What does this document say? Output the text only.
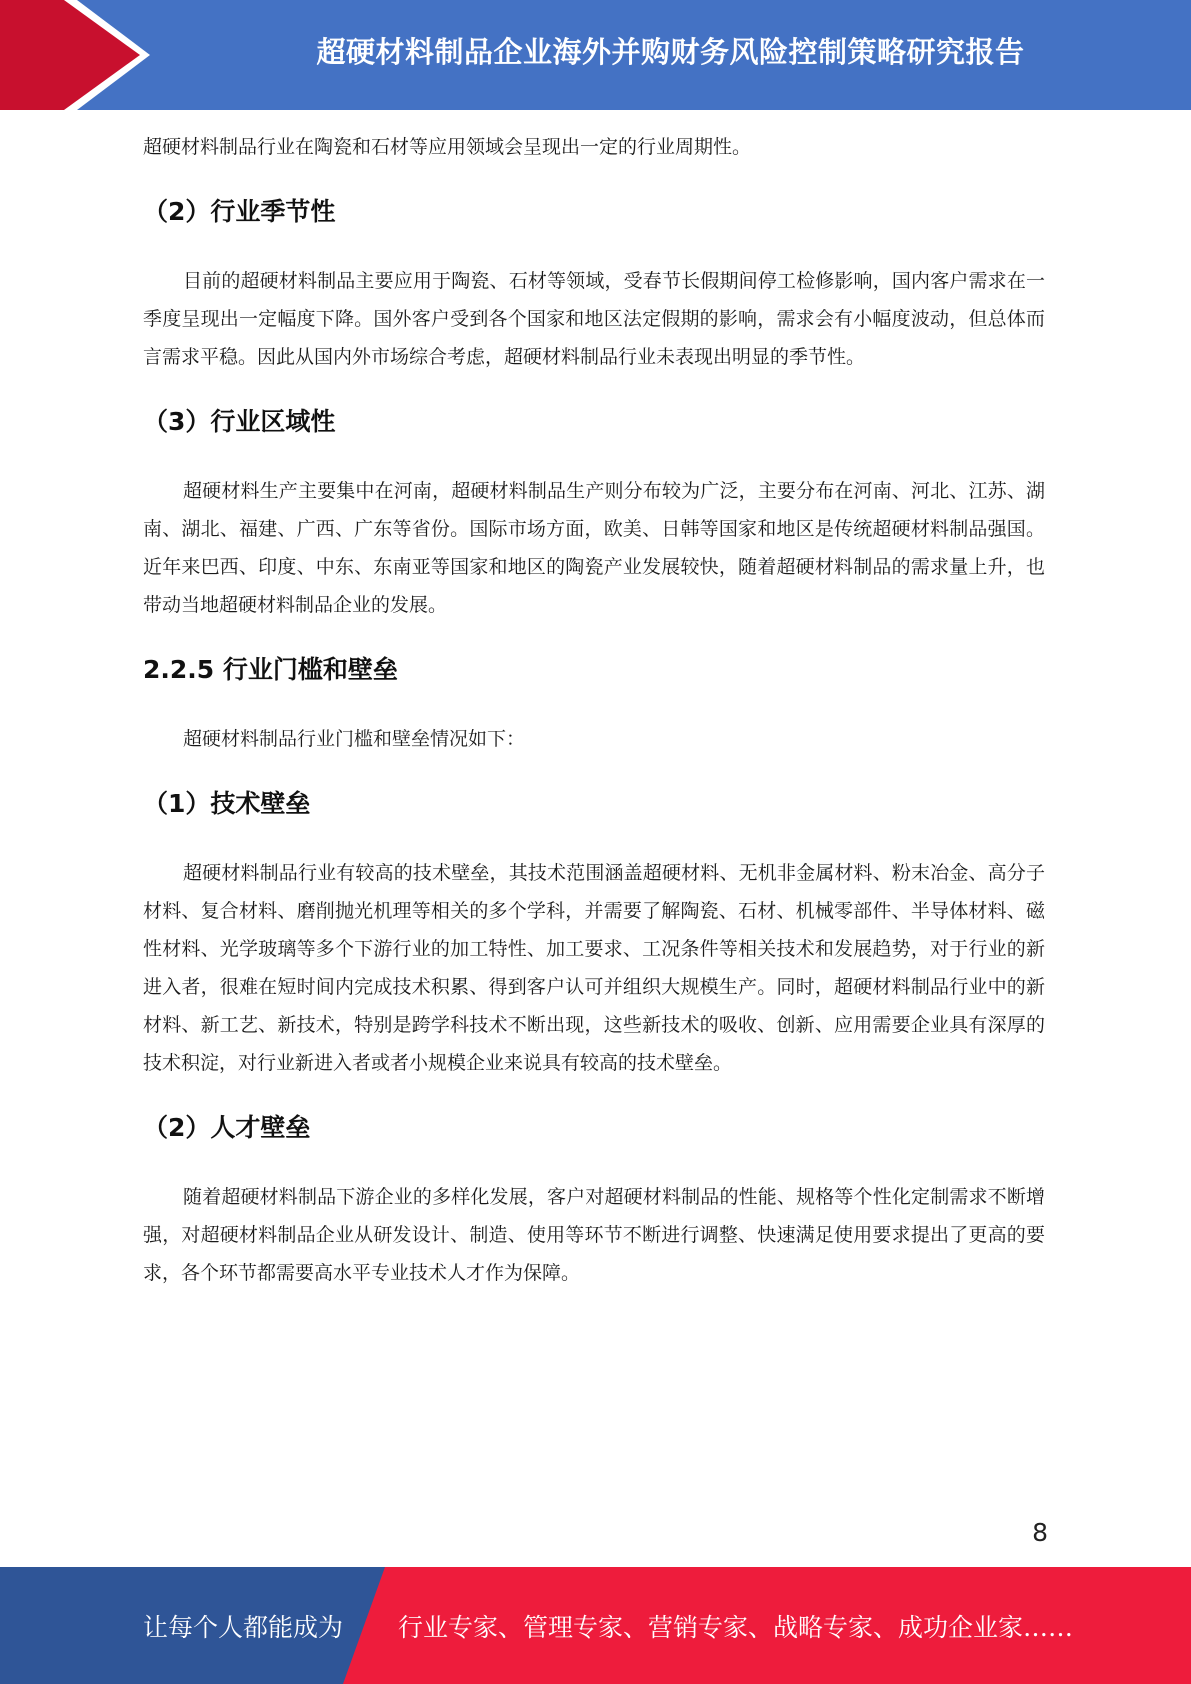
超硬材料制品企业海外并购财务风险控制策略研究报告

超硬材料制品行业在陶瓷和石材等应用领域会呈现出一定的行业周期性。

（2）行业季节性

目前的超硬材料制品主要应用于陶瓷、石材等领域，受春节长假期间停工检修影响，国内客户需求在一季度呈现出一定幅度下降。国外客户受到各个国家和地区法定假期的影响，需求会有小幅度波动，但总体而言需求平稳。因此从国内外市场综合考虑，超硬材料制品行业未表现出明显的季节性。

（3）行业区域性

超硬材料生产主要集中在河南，超硬材料制品生产则分布较为广泛，主要分布在河南、河北、江苏、湖南、湖北、福建、广西、广东等省份。国际市场方面，欧美、日韩等国家和地区是传统超硬材料制品强国。近年来巴西、印度、中东、东南亚等国家和地区的陶瓷产业发展较快，随着超硬材料制品的需求量上升，也带动当地超硬材料制品企业的发展。

2.2.5 行业门槛和壁垒

超硬材料制品行业门槛和壁垒情况如下：

（1）技术壁垒

超硬材料制品行业有较高的技术壁垒，其技术范围涵盖超硬材料、无机非金属材料、粉末冶金、高分子材料、复合材料、磨削抛光机理等相关的多个学科，并需要了解陶瓷、石材、机械零部件、半导体材料、磁性材料、光学玻璃等多个下游行业的加工特性、加工要求、工况条件等相关技术和发展趋势，对于行业的新进入者，很难在短时间内完成技术积累、得到客户认可并组织大规模生产。同时，超硬材料制品行业中的新材料、新工艺、新技术，特别是跨学科技术不断出现，这些新技术的吸收、创新、应用需要企业具有深厚的技术积淀，对行业新进入者或者小规模企业来说具有较高的技术壁垒。

（2）人才壁垒

随着超硬材料制品下游企业的多样化发展，客户对超硬材料制品的性能、规格等个性化定制需求不断增强，对超硬材料制品企业从研发设计、制造、使用等环节不断进行调整、快速满足使用要求提出了更高的要求，各个环节都需要高水平专业技术人才作为保障。

8
让每个人都能成为 行业专家、管理专家、营销专家、战略专家、成功企业家……
